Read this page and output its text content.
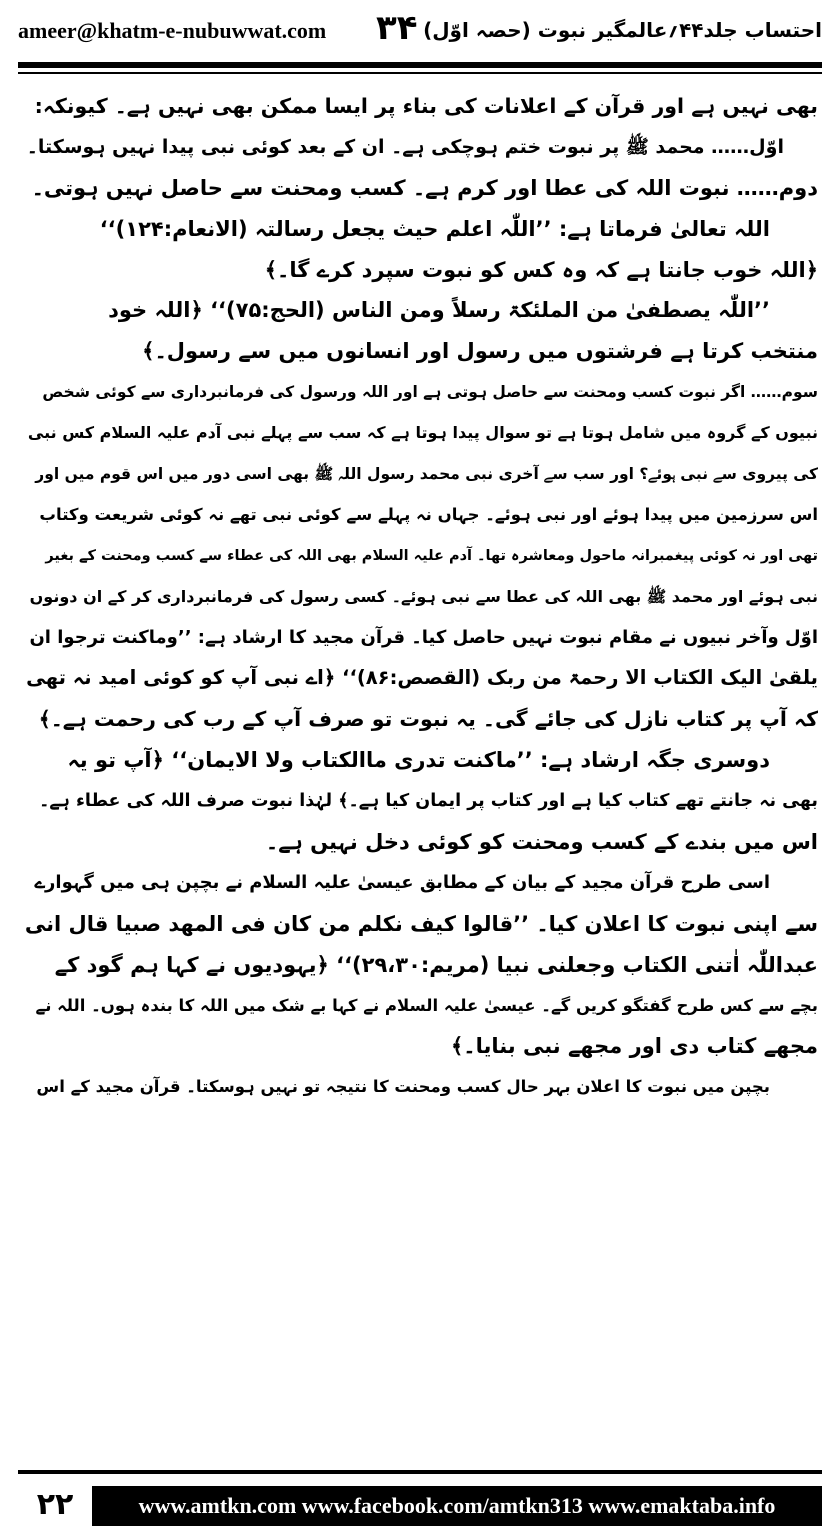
ameer@khatm-e-nubuwwat.com ۳۴ احتساب جلد۴۴؍عالمگیر نبوت (حصہ اوّل)
بھی نہیں ہے اور قرآن کے اعلانات کی بناء پر ایسا ممکن بھی نہیں ہے۔ کیونکہ:
اوّل…… محمد ﷺ پر نبوت ختم ہوچکی ہے۔ ان کے بعد کوئی نبی پیدا نہیں ہوسکتا۔
دوم…… نبوت اللہ کی عطا اور کرم ہے۔ کسب ومحنت سے حاصل نہیں ہوتی۔
اللہ تعالیٰ فرماتا ہے: ’’اللّٰہ اعلم حیث یجعل رسالتہ (الانعام:۱۲۴)‘‘
﴿اللہ خوب جانتا ہے کہ وہ کس کو نبوت سپرد کرے گا۔﴾
’’اللّٰہ یصطفیٰ من الملئکۃ رسلاً ومن الناس (الحج:۷۵)‘‘ ﴿اللہ خود
منتخب کرتا ہے فرشتوں میں رسول اور انسانوں میں سے رسول۔﴾
سوم…… اگر نبوت کسب ومحنت سے حاصل ہوتی ہے اور اللہ ورسول کی فرمانبرداری سے کوئی شخص
نبیوں کے گروہ میں شامل ہوتا ہے تو سوال پیدا ہوتا ہے کہ سب سے پہلے نبی آدم علیہ السلام کس نبی
کی پیروی سے نبی ہوئے؟ اور سب سے آخری نبی محمد رسول اللہ ﷺ بھی اسی دور میں اس قوم میں اور
اس سرزمین میں پیدا ہوئے اور نبی ہوئے۔ جہاں نہ پہلے سے کوئی نبی تھے نہ کوئی شریعت وکتاب
تھی اور نہ کوئی پیغمبرانہ ماحول ومعاشرہ تھا۔ آدم علیہ السلام بھی اللہ کی عطاء سے کسب ومحنت کے بغیر
نبی ہوئے اور محمد ﷺ بھی اللہ کی عطا سے نبی ہوئے۔ کسی رسول کی فرمانبرداری کر کے ان دونوں
اوّل وآخر نبیوں نے مقام نبوت نہیں حاصل کیا۔ قرآن مجید کا ارشاد ہے: ’’وماکنت ترجوا ان
یلقیٰ الیک الکتاب الا رحمۃ من ربک (القصص:۸۶)‘‘ ﴿اے نبی آپ کو کوئی امید نہ تھی
کہ آپ پر کتاب نازل کی جائے گی۔ یہ نبوت تو صرف آپ کے رب کی رحمت ہے۔﴾
دوسری جگہ ارشاد ہے: ’’ماکنت تدری ماالکتاب ولا الایمان‘‘ ﴿آپ تو یہ
بھی نہ جانتے تھے کتاب کیا ہے اور کتاب پر ایمان کیا ہے۔﴾ لہٰذا نبوت صرف اللہ کی عطاء ہے۔
اس میں بندے کے کسب ومحنت کو کوئی دخل نہیں ہے۔
اسی طرح قرآن مجید کے بیان کے مطابق عیسیٰ علیہ السلام نے بچپن ہی میں گہوارے
سے اپنی نبوت کا اعلان کیا۔ ’’قالوا کیف نکلم من کان فی المھد صبیا قال انی
عبداللّٰہ اٰتنی الکتاب وجعلنی نبیا (مریم:۲۹،۳۰)‘‘ ﴿یہودیوں نے کہا ہم گود کے
بچے سے کس طرح گفتگو کریں گے۔ عیسیٰ علیہ السلام نے کہا بے شک میں اللہ کا بندہ ہوں۔ اللہ نے
مجھے کتاب دی اور مجھے نبی بنایا۔﴾
بچپن میں نبوت کا اعلان بہر حال کسب ومحنت کا نتیجہ تو نہیں ہوسکتا۔ قرآن مجید کے اس
۲۲	www.amtkn.com www.facebook.com/amtkn313 www.emaktaba.info
